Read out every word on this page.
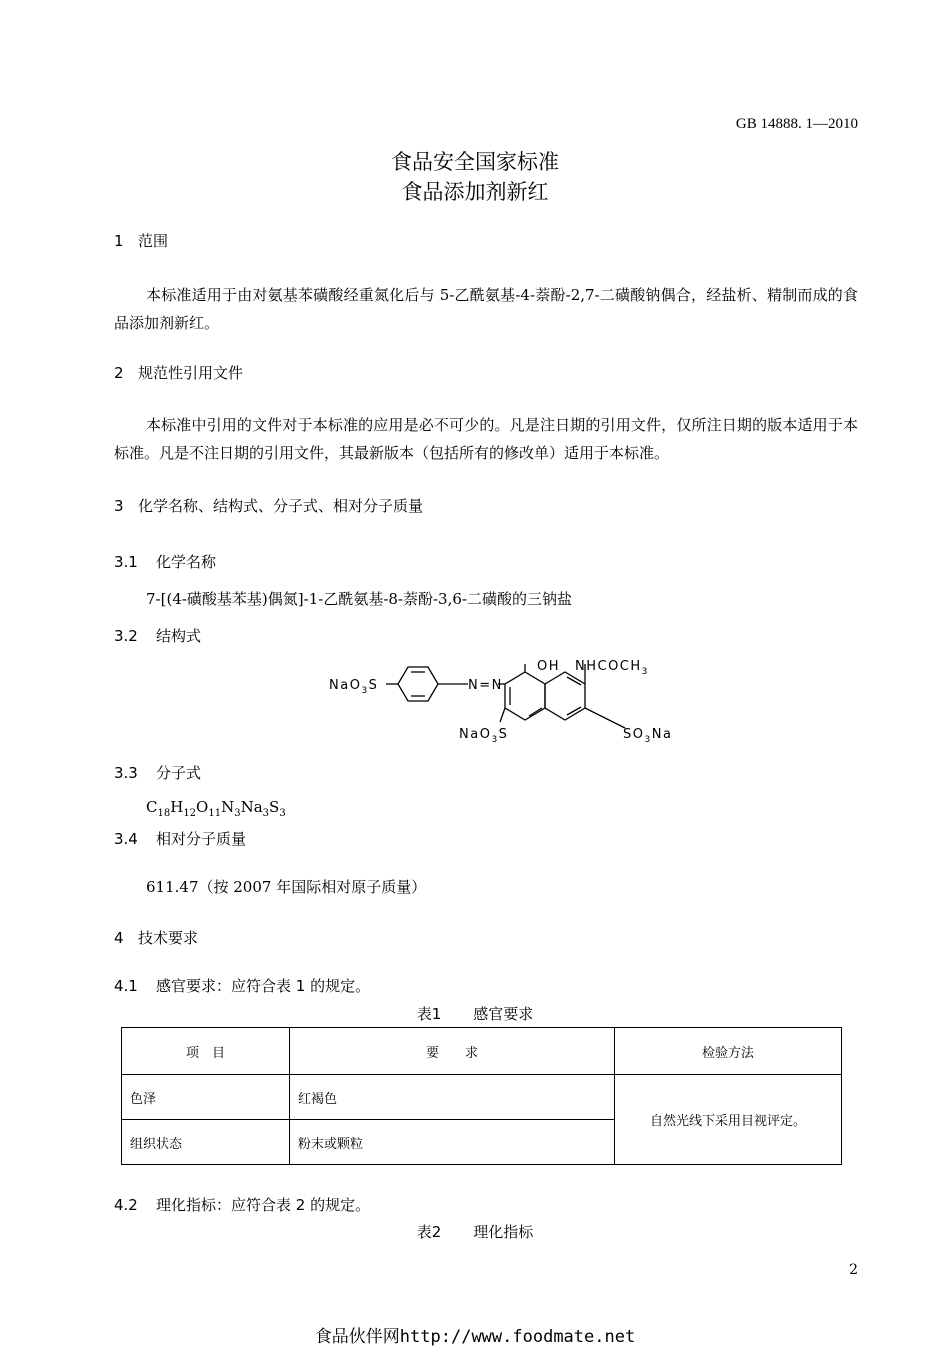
GB 14888. 1—2010
食品安全国家标准
食品添加剂新红
1 范围
本标准适用于由对氨基苯磺酸经重氮化后与 5-乙酰氨基-4-萘酚-2,7-二磺酸钠偶合，经盐析、精制而成的食品添加剂新红。
2 规范性引用文件
本标准中引用的文件对于本标准的应用是必不可少的。凡是注日期的引用文件，仅所注日期的版本适用于本标准。凡是不注日期的引用文件，其最新版本（包括所有的修改单）适用于本标准。
3 化学名称、结构式、分子式、相对分子质量
3.1 化学名称
7-[(4-磺酸基苯基)偶氮]-1-乙酰氨基-8-萘酚-3,6-二磺酸的三钠盐
3.2 结构式
NaO$_3$S	N=N
OH $NHCOCH_3$
NaO$_3$S	$SO_3Na$
3.3 分子式
$C_{18}H_{12}O_{11}N_3Na_3S_3$
3.4 相对分子质量
611.47（按 2007 年国际相对原子质量）
4 技术要求
4.1 感官要求：应符合表 1 的规定。
表1 感官要求
项　目	要　　求	检验方法
色泽	红褐色	自然光线下采用目视评定。
组织状态	粉末或颗粒	
4.2 理化指标：应符合表 2 的规定。
表2 理化指标
2
食品伙伴网http://www.foodmate.net
